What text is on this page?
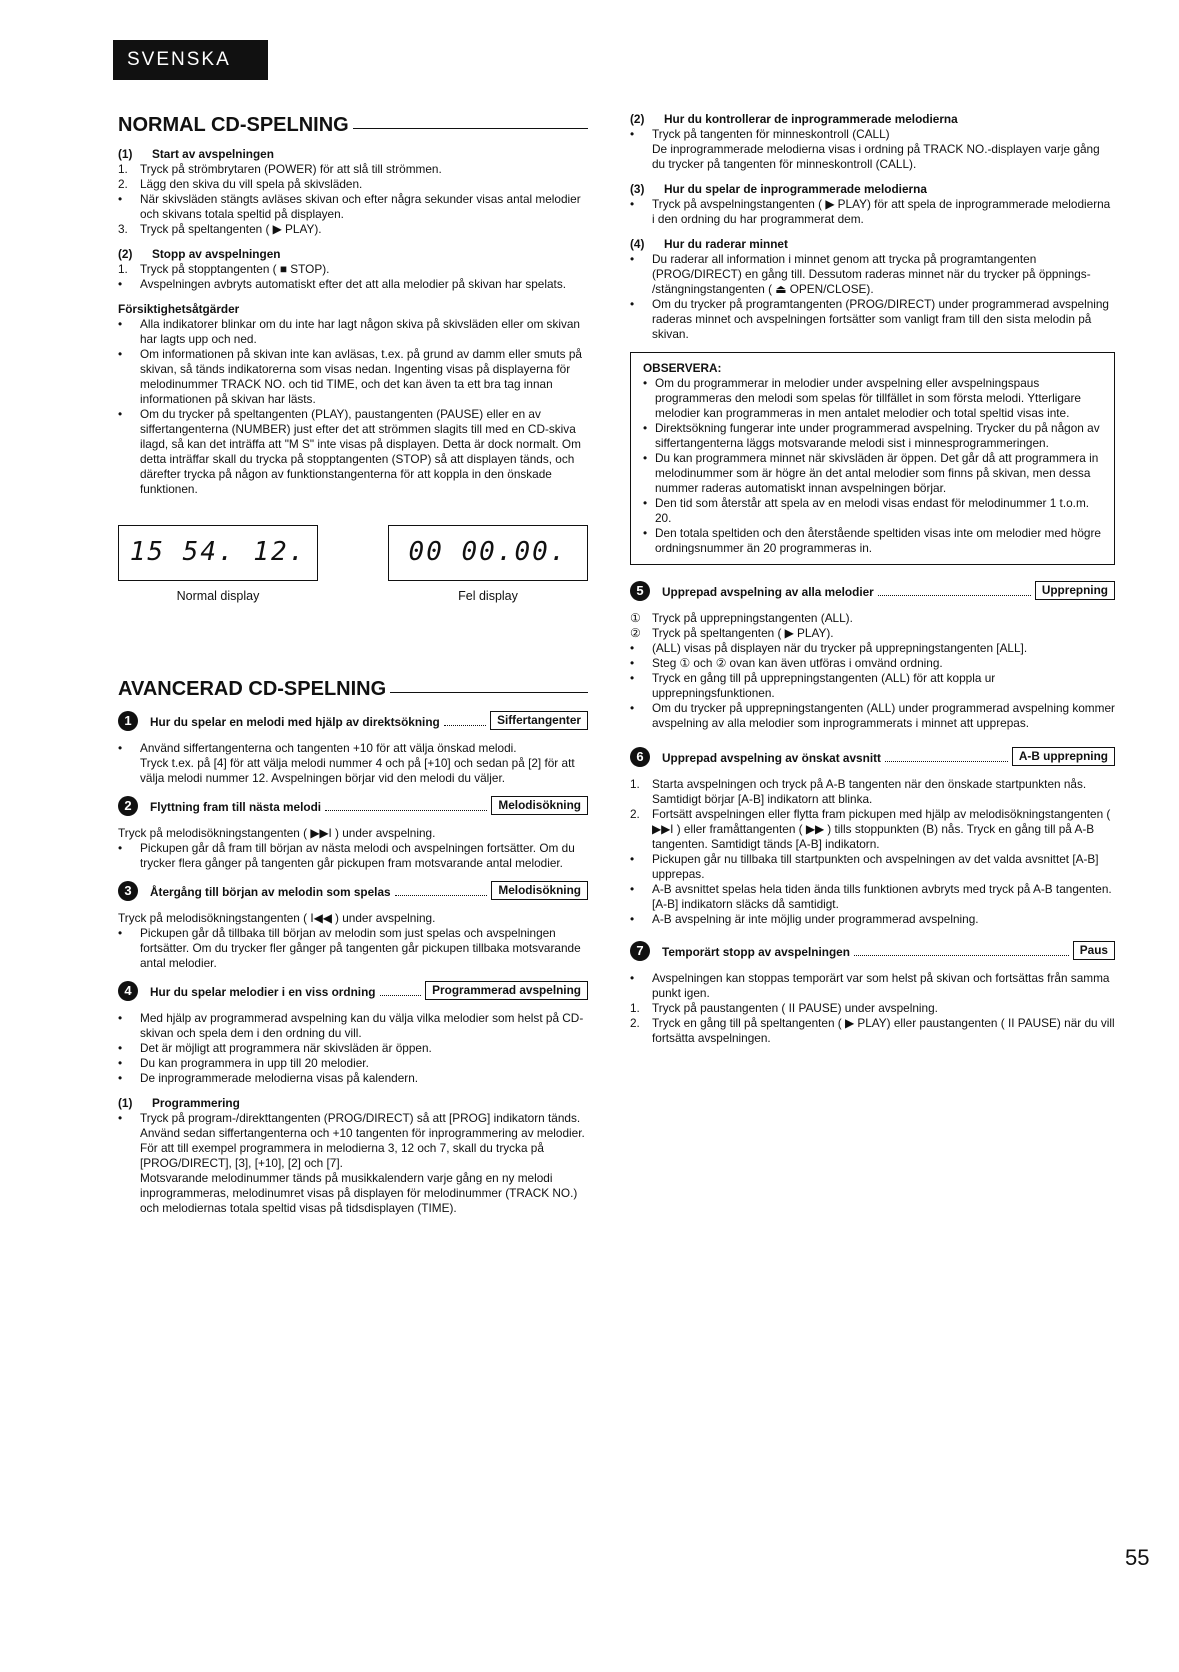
SVENSKA
NORMAL CD-SPELNING
(1) Start av avspelningen
1.	Tryck på strömbrytaren (POWER) för att slå till strömmen.
2.	Lägg den skiva du vill spela på skivsläden.
•	När skivsläden stängts avläses skivan och efter några sekunder visas antal melodier och skivans totala speltid på displayen.
3.	Tryck på speltangenten ( ▶ PLAY).
(2) Stopp av avspelningen
1.	Tryck på stopptangenten ( ■ STOP).
•	Avspelningen avbryts automatiskt efter det att alla melodier på skivan har spelats.
Försiktighetsåtgärder
•	Alla indikatorer blinkar om du inte har lagt någon skiva på skivsläden eller om skivan har lagts upp och ned.
•	Om informationen på skivan inte kan avläsas, t.ex. på grund av damm eller smuts på skivan, så tänds indikatorerna som visas nedan. Ingenting visas på displayerna för melodinummer TRACK NO. och tid TIME, och det kan även ta ett bra tag innan informationen på skivan har lästs.
•	Om du trycker på speltangenten (PLAY), paustangenten (PAUSE) eller en av siffertangenterna (NUMBER) just efter det att strömmen slagits till med en CD-skiva ilagd, så kan det inträffa att "M S" inte visas på displayen. Detta är dock normalt. Om detta inträffar skall du trycka på stopptangenten (STOP) så att displayen tänds, och därefter trycka på någon av funktionstangenterna för att koppla in den önskade funktionen.
15 54. 12.
Normal display
00 00.00.
Fel display
AVANCERAD CD-SPELNING
1	Hur du spelar en melodi med hjälp av direktsökning	Siffertangenter
•	Använd siffertangenterna och tangenten +10 för att välja önskad melodi.
Tryck t.ex. på [4] för att välja melodi nummer 4 och på [+10] och sedan på [2] för att välja melodi nummer 12. Avspelningen börjar vid den melodi du väljer.
2	Flyttning fram till nästa melodi	Melodisökning
Tryck på melodisökningstangenten ( ▶▶I ) under avspelning.
•	Pickupen går då fram till början av nästa melodi och avspelningen fortsätter. Om du trycker flera gånger på tangenten går pickupen fram motsvarande antal melodier.
3	Återgång till början av melodin som spelas	Melodisökning
Tryck på melodisökningstangenten ( I◀◀ ) under avspelning.
•	Pickupen går då tillbaka till början av melodin som just spelas och avspelningen fortsätter. Om du trycker fler gånger på tangenten går pickupen tillbaka motsvarande antal melodier.
4	Hur du spelar melodier i en viss ordning	Programmerad avspelning
•	Med hjälp av programmerad avspelning kan du välja vilka melodier som helst på CD-skivan och spela dem i den ordning du vill.
•	Det är möjligt att programmera när skivsläden är öppen.
•	Du kan programmera in upp till 20 melodier.
•	De inprogrammerade melodierna visas på kalendern.
(1) Programmering
•	Tryck på program-/direkttangenten (PROG/DIRECT) så att [PROG] indikatorn tänds. Använd sedan siffertangenterna och +10 tangenten för inprogrammering av melodier.
För att till exempel programmera in melodierna 3, 12 och 7, skall du trycka på [PROG/DIRECT], [3], [+10], [2] och [7].
Motsvarande melodinummer tänds på musikkalendern varje gång en ny melodi inprogrammeras, melodinumret visas på displayen för melodinummer (TRACK NO.) och melodiernas totala speltid visas på tidsdisplayen (TIME).
(2) Hur du kontrollerar de inprogrammerade melodierna
•	Tryck på tangenten för minneskontroll (CALL)
De inprogrammerade melodierna visas i ordning på TRACK NO.-displayen varje gång du trycker på tangenten för minneskontroll (CALL).
(3) Hur du spelar de inprogrammerade melodierna
•	Tryck på avspelningstangenten ( ▶ PLAY) för att spela de inprogrammerade melodierna i den ordning du har programmerat dem.
(4) Hur du raderar minnet
•	Du raderar all information i minnet genom att trycka på programtangenten (PROG/DIRECT) en gång till. Dessutom raderas minnet när du trycker på öppnings- /stängningstangenten ( ⏏ OPEN/CLOSE).
•	Om du trycker på programtangenten (PROG/DIRECT) under programmerad avspelning raderas minnet och avspelningen fortsätter som vanligt fram till den sista melodin på skivan.
OBSERVERA:
• Om du programmerar in melodier under avspelning eller avspelningspaus programmeras den melodi som spelas för tillfället in som första melodi. Ytterligare melodier kan programmeras in men antalet melodier och total speltid visas inte.
• Direktsökning fungerar inte under programmerad avspelning. Trycker du på någon av siffertangenterna läggs motsvarande melodi sist i minnesprogrammeringen.
• Du kan programmera minnet när skivsläden är öppen. Det går då att programmera in melodinummer som är högre än det antal melodier som finns på skivan, men dessa nummer raderas automatiskt innan avspelningen börjar.
• Den tid som återstår att spela av en melodi visas endast för melodinummer 1 t.o.m. 20.
• Den totala speltiden och den återstående speltiden visas inte om melodier med högre ordningsnummer än 20 programmeras in.
5	Upprepad avspelning av alla melodier	Upprepning
① Tryck på upprepningstangenten (ALL).
② Tryck på speltangenten ( ▶ PLAY).
•	(ALL) visas på displayen när du trycker på upprepningstangenten [ALL].
•	Steg ① och ② ovan kan även utföras i omvänd ordning.
•	Tryck en gång till på upprepningstangenten (ALL) för att koppla ur upprepningsfunktionen.
•	Om du trycker på upprepningstangenten (ALL) under programmerad avspelning kommer avspelning av alla melodier som inprogrammerats i minnet att upprepas.
6	Upprepad avspelning av önskat avsnitt	A-B upprepning
1.	Starta avspelningen och tryck på A-B tangenten när den önskade startpunkten nås. Samtidigt börjar [A-B] indikatorn att blinka.
2.	Fortsätt avspelningen eller flytta fram pickupen med hjälp av melodisökningstangenten ( ▶▶I ) eller framåttangenten ( ▶▶ ) tills stoppunkten (B) nås. Tryck en gång till på A-B tangenten. Samtidigt tänds [A-B] indikatorn.
•	Pickupen går nu tillbaka till startpunkten och avspelningen av det valda avsnittet [A-B] upprepas.
•	A-B avsnittet spelas hela tiden ända tills funktionen avbryts med tryck på A-B tangenten. [A-B] indikatorn släcks då samtidigt.
•	A-B avspelning är inte möjlig under programmerad avspelning.
7	Temporärt stopp av avspelningen	Paus
•	Avspelningen kan stoppas temporärt var som helst på skivan och fortsättas från samma punkt igen.
1.	Tryck på paustangenten ( II PAUSE) under avspelning.
2.	Tryck en gång till på speltangenten ( ▶ PLAY) eller paustangenten ( II PAUSE) när du vill fortsätta avspelningen.
55
